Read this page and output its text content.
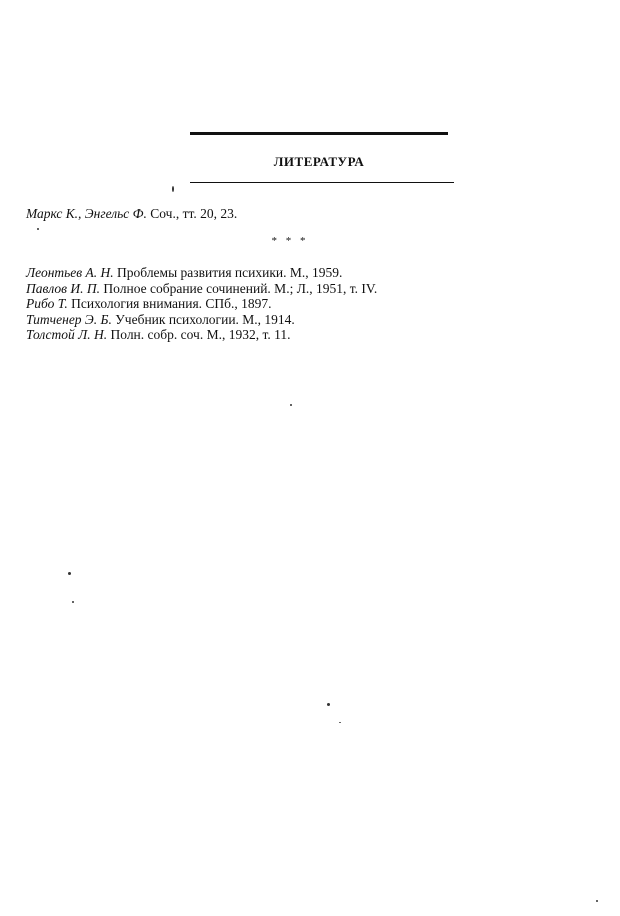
ЛИТЕРАТУРА
Маркс К., Энгельс Ф. Соч., тт. 20, 23.
* * *
Леонтьев А. Н. Проблемы развития психики. М., 1959.
Павлов И. П. Полное собрание сочинений. М.; Л., 1951, т. IV.
Рибо Т. Психология внимания. СПб., 1897.
Титченер Э. Б. Учебник психологии. М., 1914.
Толстой Л. Н. Полн. собр. соч. М., 1932, т. 11.
